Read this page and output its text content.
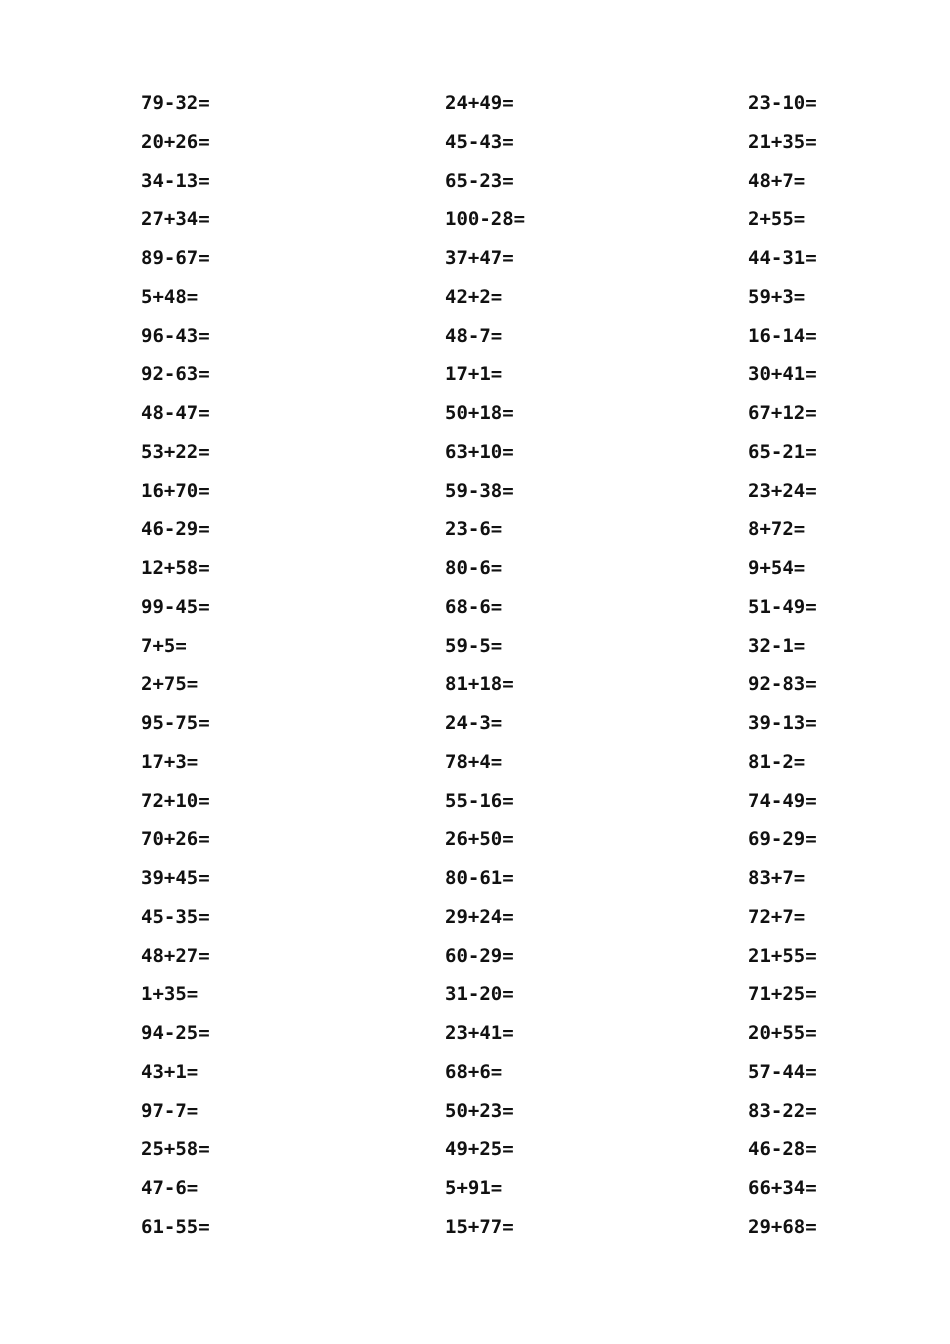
79-32=	24+49=	23-10=
20+26=	45-43=	21+35=
34-13=	65-23=	48+7=
27+34=	100-28=	2+55=
89-67=	37+47=	44-31=
5+48=	42+2=	59+3=
96-43=	48-7=	16-14=
92-63=	17+1=	30+41=
48-47=	50+18=	67+12=
53+22=	63+10=	65-21=
16+70=	59-38=	23+24=
46-29=	23-6=	8+72=
12+58=	80-6=	9+54=
99-45=	68-6=	51-49=
7+5=	59-5=	32-1=
2+75=	81+18=	92-83=
95-75=	24-3=	39-13=
17+3=	78+4=	81-2=
72+10=	55-16=	74-49=
70+26=	26+50=	69-29=
39+45=	80-61=	83+7=
45-35=	29+24=	72+7=
48+27=	60-29=	21+55=
1+35=	31-20=	71+25=
94-25=	23+41=	20+55=
43+1=	68+6=	57-44=
97-7=	50+23=	83-22=
25+58=	49+25=	46-28=
47-6=	5+91=	66+34=
61-55=	15+77=	29+68=
